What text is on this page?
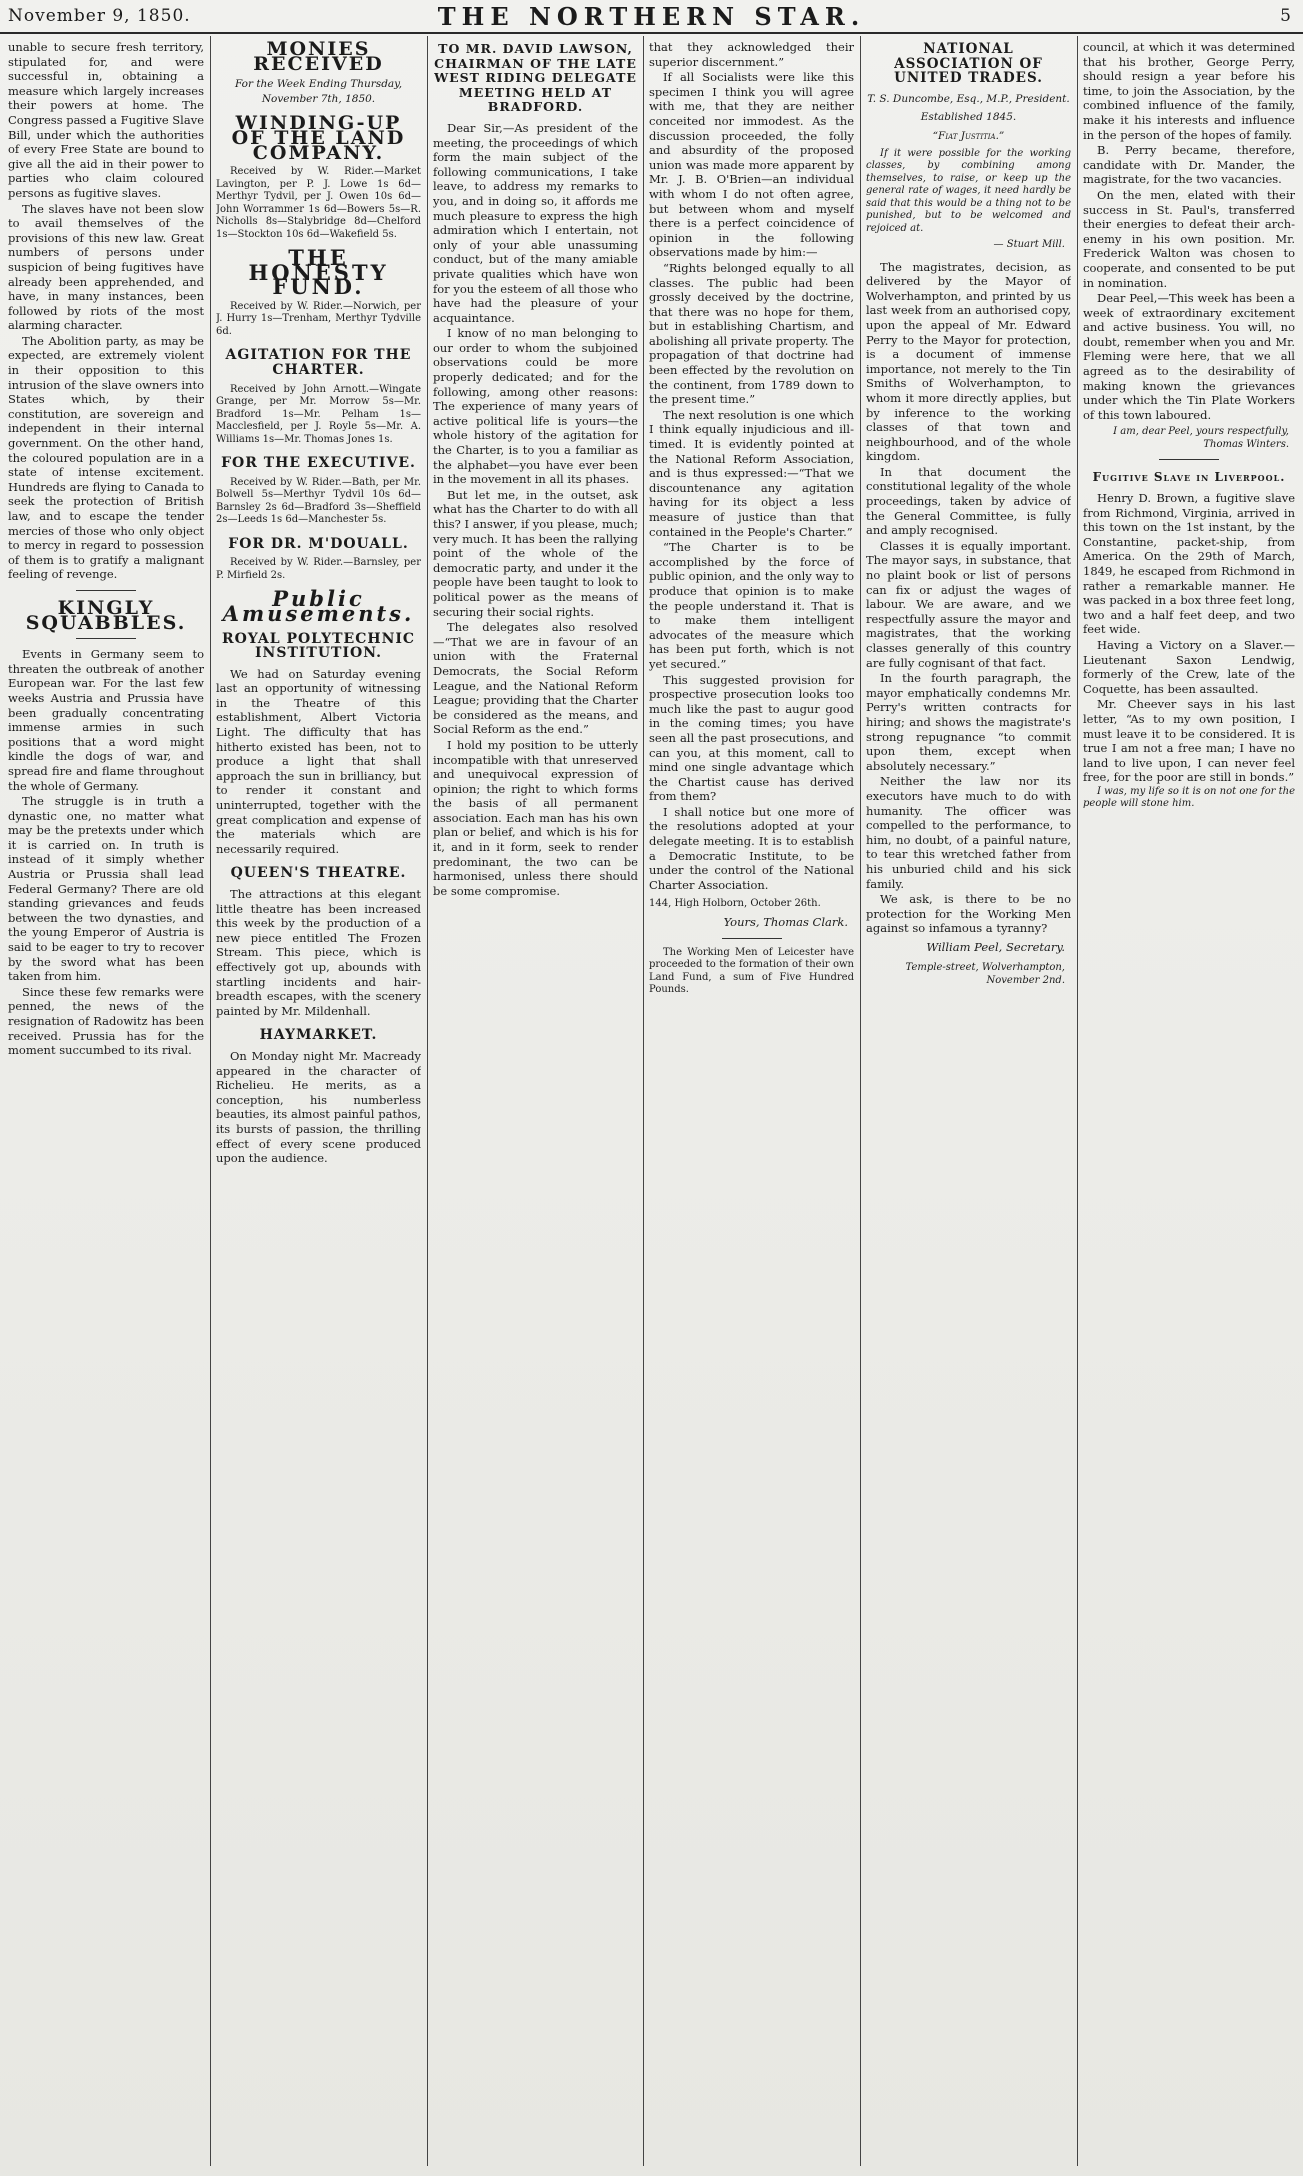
November 9, 1850.	THE NORTHERN STAR.	5

unable to secure fresh territory, stipulated for, and were successful in, obtaining a measure which largely increases their powers at home. The Congress passed a Fugitive Slave Bill, under which the authorities of every Free State are bound to give all the aid in their power to parties who claim coloured persons as fugitive slaves.

The slaves have not been slow to avail themselves of the provisions of this new law. Great numbers of persons under suspicion of being fugitives have already been apprehended, and have, in many instances, been followed by riots of the most alarming character.

The Abolition party, as may be expected, are extremely violent in their opposition to this intrusion of the slave owners into States which, by their constitution, are sovereign and independent in their internal government. On the other hand, the coloured population are in a state of intense excitement. Hundreds are flying to Canada to seek the protection of British law, and to escape the tender mercies of those who only object to mercy in regard to possession of them is to gratify a malignant feeling of revenge.

KINGLY SQUABBLES.

Events in Germany seem to threaten the outbreak of another European war. For the last few weeks Austria and Prussia have been gradually concentrating immense armies in such positions that a word might kindle the dogs of war, and spread fire and flame throughout the whole of Germany.

The struggle is in truth a dynastic one, no matter what may be the pretexts under which it is carried on. In truth is instead of it simply whether Austria or Prussia shall lead Federal Germany? There are old standing grievances and feuds between the two dynasties, and the young Emperor of Austria is said to be eager to try to recover by the sword what has been taken from him.

Since these few remarks were penned, the news of the resignation of Radowitz has been received. Prussia has for the moment succumbed to its rival.

MONIES RECEIVED
For the Week Ending Thursday, November 7th, 1850.
WINDING-UP OF THE LAND COMPANY.

Received by W. Rider.—Market Lavington, per P. J. Lowe 1s 6d—Merthyr Tydvil, per J. Owen 10s 6d—John Worrammer 1s 6d—Bowers 5s—R. Nicholls 8s—Stalybridge 8d—Chelford 1s—Stockton 10s 6d—Wakefield 5s.

THE HONESTY FUND.

Received by W. Rider.—Norwich, per J. Hurry 1s—Trenham, Merthyr Tydville 6d.

AGITATION FOR THE CHARTER.

Received by John Arnott.—Wingate Grange, per Mr. Morrow 5s—Mr. Bradford 1s—Mr. Pelham 1s—Macclesfield, per J. Royle 5s—Mr. A. Williams 1s—Mr. Thomas Jones 1s.

FOR THE EXECUTIVE.

Received by W. Rider.—Bath, per Mr. Bolwell 5s—Merthyr Tydvil 10s 6d—Barnsley 2s 6d—Bradford 3s—Sheffield 2s—Leeds 1s 6d—Manchester 5s.

FOR DR. M'DOUALL.

Received by W. Rider.—Barnsley, per P. Mirfield 2s.

Public Amusements.
ROYAL POLYTECHNIC INSTITUTION.

We had on Saturday evening last an opportunity of witnessing in the Theatre of this establishment, Albert Victoria Light. The difficulty that has hitherto existed has been, not to produce a light that shall approach the sun in brilliancy, but to render it constant and uninterrupted, together with the great complication and expense of the materials which are necessarily required.

QUEEN'S THEATRE.

The attractions at this elegant little theatre has been increased this week by the production of a new piece entitled The Frozen Stream. This piece, which is effectively got up, abounds with startling incidents and hair-breadth escapes, with the scenery painted by Mr. Mildenhall.

HAYMARKET.

On Monday night Mr. Macready appeared in the character of Richelieu. He merits, as a conception, his numberless beauties, its almost painful pathos, its bursts of passion, the thrilling effect of every scene produced upon the audience.

TO MR. DAVID LAWSON, CHAIRMAN OF THE LATE WEST RIDING DELEGATE MEETING HELD AT BRADFORD.

Dear Sir,—As president of the meeting, the proceedings of which form the main subject of the following communications, I take leave, to address my remarks to you, and in doing so, it affords me much pleasure to express the high admiration which I entertain, not only of your able unassuming conduct, but of the many amiable private qualities which have won for you the esteem of all those who have had the pleasure of your acquaintance.

I know of no man belonging to our order to whom the subjoined observations could be more properly dedicated; and for the following, among other reasons: The experience of many years of active political life is yours—the whole history of the agitation for the Charter, is to you a familiar as the alphabet—you have ever been in the movement in all its phases.

But let me, in the outset, ask what has the Charter to do with all this? I answer, if you please, much; very much. It has been the rallying point of the whole of the democratic party, and under it the people have been taught to look to political power as the means of securing their social rights.

The delegates also resolved—“That we are in favour of an union with the Fraternal Democrats, the Social Reform League, and the National Reform League; providing that the Charter be considered as the means, and Social Reform as the end.”

I hold my position to be utterly incompatible with that unreserved and unequivocal expression of opinion; the right to which forms the basis of all permanent association. Each man has his own plan or belief, and which is his for it, and in it form, seek to render predominant, the two can be harmonised, unless there should be some compromise.

that they acknowledged their superior discernment.”

If all Socialists were like this specimen I think you will agree with me, that they are neither conceited nor immodest. As the discussion proceeded, the folly and absurdity of the proposed union was made more apparent by Mr. J. B. O'Brien—an individual with whom I do not often agree, but between whom and myself there is a perfect coincidence of opinion in the following observations made by him:—

“Rights belonged equally to all classes. The public had been grossly deceived by the doctrine, that there was no hope for them, but in establishing Chartism, and abolishing all private property. The propagation of that doctrine had been effected by the revolution on the continent, from 1789 down to the present time.”

The next resolution is one which I think equally injudicious and ill-timed. It is evidently pointed at the National Reform Association, and is thus expressed:—“That we discountenance any agitation having for its object a less measure of justice than that contained in the People's Charter.”

“The Charter is to be accomplished by the force of public opinion, and the only way to produce that opinion is to make the people understand it. That is to make them intelligent advocates of the measure which has been put forth, which is not yet secured.”

This suggested provision for prospective prosecution looks too much like the past to augur good in the coming times; you have seen all the past prosecutions, and can you, at this moment, call to mind one single advantage which the Chartist cause has derived from them?

I shall notice but one more of the resolutions adopted at your delegate meeting. It is to establish a Democratic Institute, to be under the control of the National Charter Association.

144, High Holborn, October 26th.

Yours, Thomas Clark.

The Working Men of Leicester have proceeded to the formation of their own Land Fund, a sum of Five Hundred Pounds.

NATIONAL ASSOCIATION OF UNITED TRADES.
T. S. Duncombe, Esq., M.P., President.
Established 1845.
“Fiat Justitia.”

If it were possible for the working classes, by combining among themselves, to raise, or keep up the general rate of wages, it need hardly be said that this would be a thing not to be punished, but to be welcomed and rejoiced at.

— Stuart Mill.

The magistrates, decision, as delivered by the Mayor of Wolverhampton, and printed by us last week from an authorised copy, upon the appeal of Mr. Edward Perry to the Mayor for protection, is a document of immense importance, not merely to the Tin Smiths of Wolverhampton, to whom it more directly applies, but by inference to the working classes of that town and neighbourhood, and of the whole kingdom.

In that document the constitutional legality of the whole proceedings, taken by advice of the General Committee, is fully and amply recognised.

Classes it is equally important. The mayor says, in substance, that no plaint book or list of persons can fix or adjust the wages of labour. We are aware, and we respectfully assure the mayor and magistrates, that the working classes generally of this country are fully cognisant of that fact.

In the fourth paragraph, the mayor emphatically condemns Mr. Perry's written contracts for hiring; and shows the magistrate's strong repugnance “to commit upon them, except when absolutely necessary.”

Neither the law nor its executors have much to do with humanity. The officer was compelled to the performance, to him, no doubt, of a painful nature, to tear this wretched father from his unburied child and his sick family.

We ask, is there to be no protection for the Working Men against so infamous a tyranny?

William Peel, Secretary.
Temple-street, Wolverhampton, November 2nd.

council, at which it was determined that his brother, George Perry, should resign a year before his time, to join the Association, by the combined influence of the family, make it his interests and influence in the person of the hopes of family.

B. Perry became, therefore, candidate with Dr. Mander, the magistrate, for the two vacancies.

On the men, elated with their success in St. Paul's, transferred their energies to defeat their arch-enemy in his own position. Mr. Frederick Walton was chosen to cooperate, and consented to be put in nomination.

Dear Peel,—This week has been a week of extraordinary excitement and active business. You will, no doubt, remember when you and Mr. Fleming were here, that we all agreed as to the desirability of making known the grievances under which the Tin Plate Workers of this town laboured.

I am, dear Peel, yours respectfully, Thomas Winters.
Fugitive Slave in Liverpool.

Henry D. Brown, a fugitive slave from Richmond, Virginia, arrived in this town on the 1st instant, by the Constantine, packet-ship, from America. On the 29th of March, 1849, he escaped from Richmond in rather a remarkable manner. He was packed in a box three feet long, two and a half feet deep, and two feet wide.

Having a Victory on a Slaver.—Lieutenant Saxon Lendwig, formerly of the Crew, late of the Coquette, has been assaulted.

Mr. Cheever says in his last letter, “As to my own position, I must leave it to be considered. It is true I am not a free man; I have no land to live upon, I can never feel free, for the poor are still in bonds.”

I was, my life so it is on not one for the people will stone him.
